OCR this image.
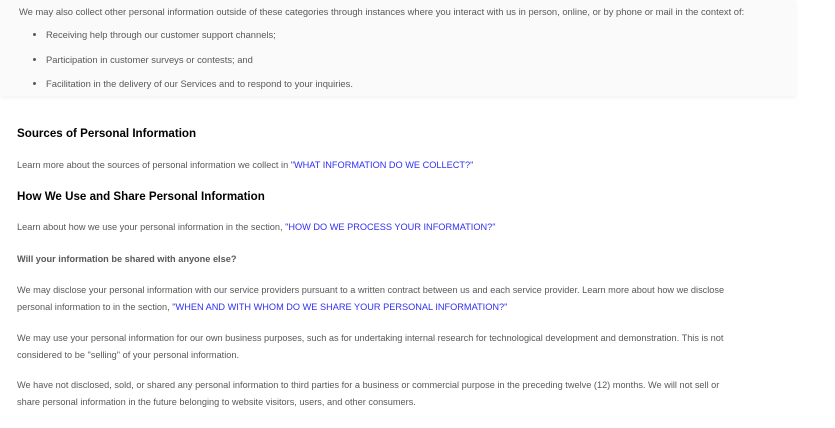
We may also collect other personal information outside of these categories through instances where you interact with us in person, online, or by phone or mail in the context of:
Receiving help through our customer support channels;
Participation in customer surveys or contests; and
Facilitation in the delivery of our Services and to respond to your inquiries.
Sources of Personal Information
Learn more about the sources of personal information we collect in "WHAT INFORMATION DO WE COLLECT?"
How We Use and Share Personal Information
Learn about how we use your personal information in the section, "HOW DO WE PROCESS YOUR INFORMATION?"
Will your information be shared with anyone else?
We may disclose your personal information with our service providers pursuant to a written contract between us and each service provider. Learn more about how we disclose
personal information to in the section, "WHEN AND WITH WHOM DO WE SHARE YOUR PERSONAL INFORMATION?"
We may use your personal information for our own business purposes, such as for undertaking internal research for technological development and demonstration. This is not
considered to be "selling" of your personal information.
We have not disclosed, sold, or shared any personal information to third parties for a business or commercial purpose in the preceding twelve (12) months. We will not sell or
share personal information in the future belonging to website visitors, users, and other consumers.
